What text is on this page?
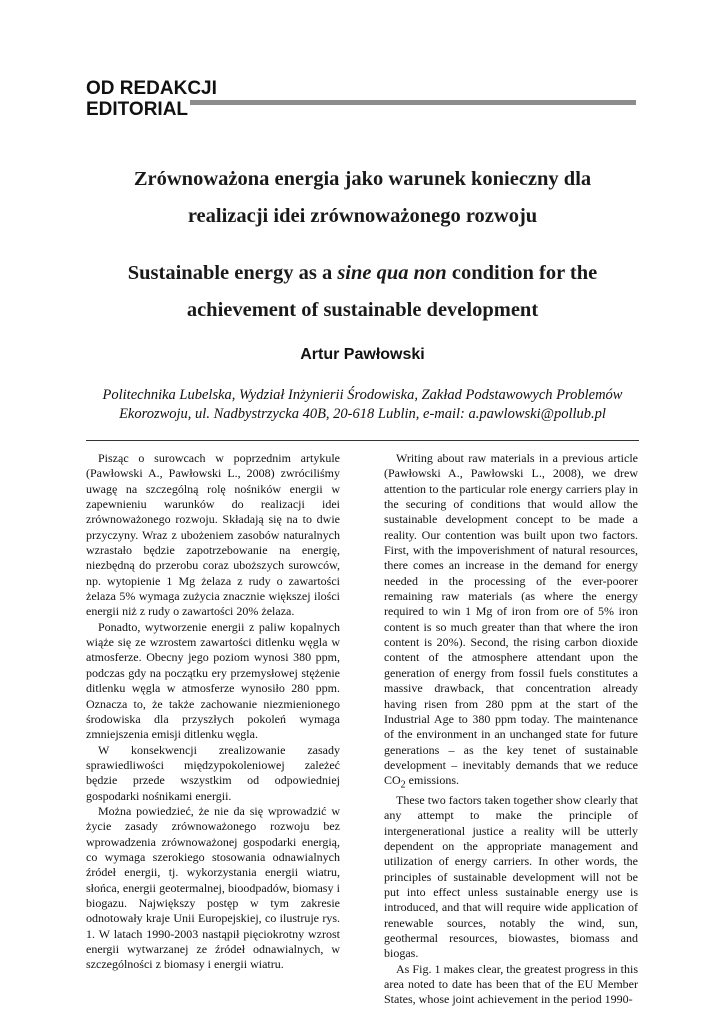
OD REDAKCJI
EDITORIAL
Zrównoważona energia jako warunek konieczny dla
realizacji idei zrównoważonego rozwoju
Sustainable energy as a sine qua non condition for the
achievement of sustainable development
Artur Pawłowski
Politechnika Lubelska, Wydział Inżynierii Środowiska, Zakład Podstawowych Problemów
Ekorozwoju, ul. Nadbystrzycka 40B, 20-618 Lublin, e-mail: a.pawlowski@pollub.pl

Pisząc o surowcach w poprzednim artykule (Pawłowski A., Pawłowski L., 2008) zwróciliśmy uwagę na szczególną rolę nośników energii w zapewnieniu warunków do realizacji idei zrównoważonego rozwoju. Składają się na to dwie przyczyny. Wraz z ubożeniem zasobów naturalnych wzrastało będzie zapotrzebowanie na energię, niezbędną do przerobu coraz uboższych surowców, np. wytopienie 1 Mg żelaza z rudy o zawartości żelaza 5% wymaga zużycia znacznie większej ilości energii niż z rudy o zawartości 20% żelaza.

Ponadto, wytworzenie energii z paliw kopalnych wiąże się ze wzrostem zawartości ditlenku węgla w atmosferze. Obecny jego poziom wynosi 380 ppm, podczas gdy na początku ery przemysłowej stężenie ditlenku węgla w atmosferze wynosiło 280 ppm. Oznacza to, że także zachowanie niezmienionego środowiska dla przyszłych pokoleń wymaga zmniejszenia emisji ditlenku węgla.

W konsekwencji zrealizowanie zasady sprawiedliwości międzypokoleniowej zależeć będzie przede wszystkim od odpowiedniej gospodarki nośnikami energii.

Można powiedzieć, że nie da się wprowadzić w życie zasady zrównoważonego rozwoju bez wprowadzenia zrównoważonej gospodarki energią, co wymaga szerokiego stosowania odnawialnych źródeł energii, tj. wykorzystania energii wiatru, słońca, energii geotermalnej, bioodpadów, biomasy i biogazu. Największy postęp w tym zakresie odnotowały kraje Unii Europejskiej, co ilustruje rys. 1. W latach 1990-2003 nastąpił pięciokrotny wzrost energii wytwarzanej ze źródeł odnawialnych, w szczególności z biomasy i energii wiatru.

Writing about raw materials in a previous article (Pawłowski A., Pawłowski L., 2008), we drew attention to the particular role energy carriers play in the securing of conditions that would allow the sustainable development concept to be made a reality. Our contention was built upon two factors. First, with the impoverishment of natural resources, there comes an increase in the demand for energy needed in the processing of the ever-poorer remaining raw materials (as where the energy required to win 1 Mg of iron from ore of 5% iron content is so much greater than that where the iron content is 20%). Second, the rising carbon dioxide content of the atmosphere attendant upon the generation of energy from fossil fuels constitutes a massive drawback, that concentration already having risen from 280 ppm at the start of the Industrial Age to 380 ppm today. The maintenance of the environment in an unchanged state for future generations – as the key tenet of sustainable development – inevitably demands that we reduce $CO_2$ emissions.

These two factors taken together show clearly that any attempt to make the principle of intergenerational justice a reality will be utterly dependent on the appropriate management and utilization of energy carriers. In other words, the principles of sustainable development will not be put into effect unless sustainable energy use is introduced, and that will require wide application of renewable sources, notably the wind, sun, geothermal resources, biowastes, biomass and biogas.

As Fig. 1 makes clear, the greatest progress in this area noted to date has been that of the EU Member States, whose joint achievement in the period 1990-
